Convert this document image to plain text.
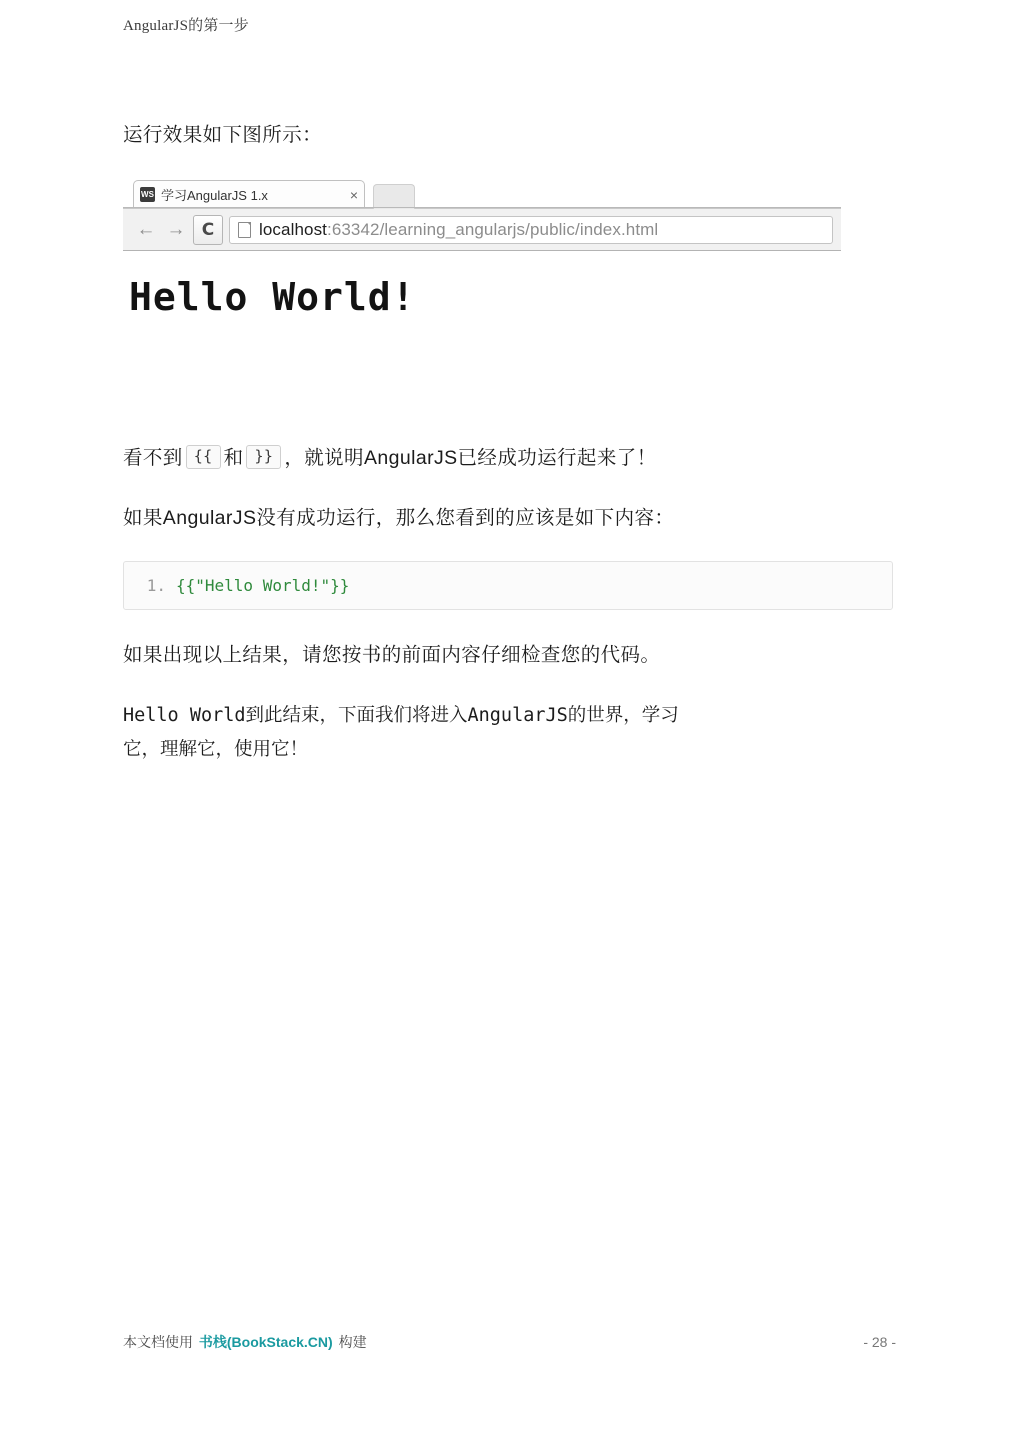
AngularJS的第一步

运行效果如下图所示：

WS 学习AngularJS 1.x	×
← → C	localhost:63342/learning_angularjs/public/index.html
Hello World!

看不到 {{ 和 }} ，就说明AngularJS已经成功运行起来了！

如果AngularJS没有成功运行，那么您看到的应该是如下内容：

1. {{"Hello World!"}}

如果出现以上结果，请您按书的前面内容仔细检查您的代码。

Hello World到此结束，下面我们将进入AngularJS的世界，学习
它，理解它，使用它！

本文档使用 书栈(BookStack.CN) 构建	- 28 -
